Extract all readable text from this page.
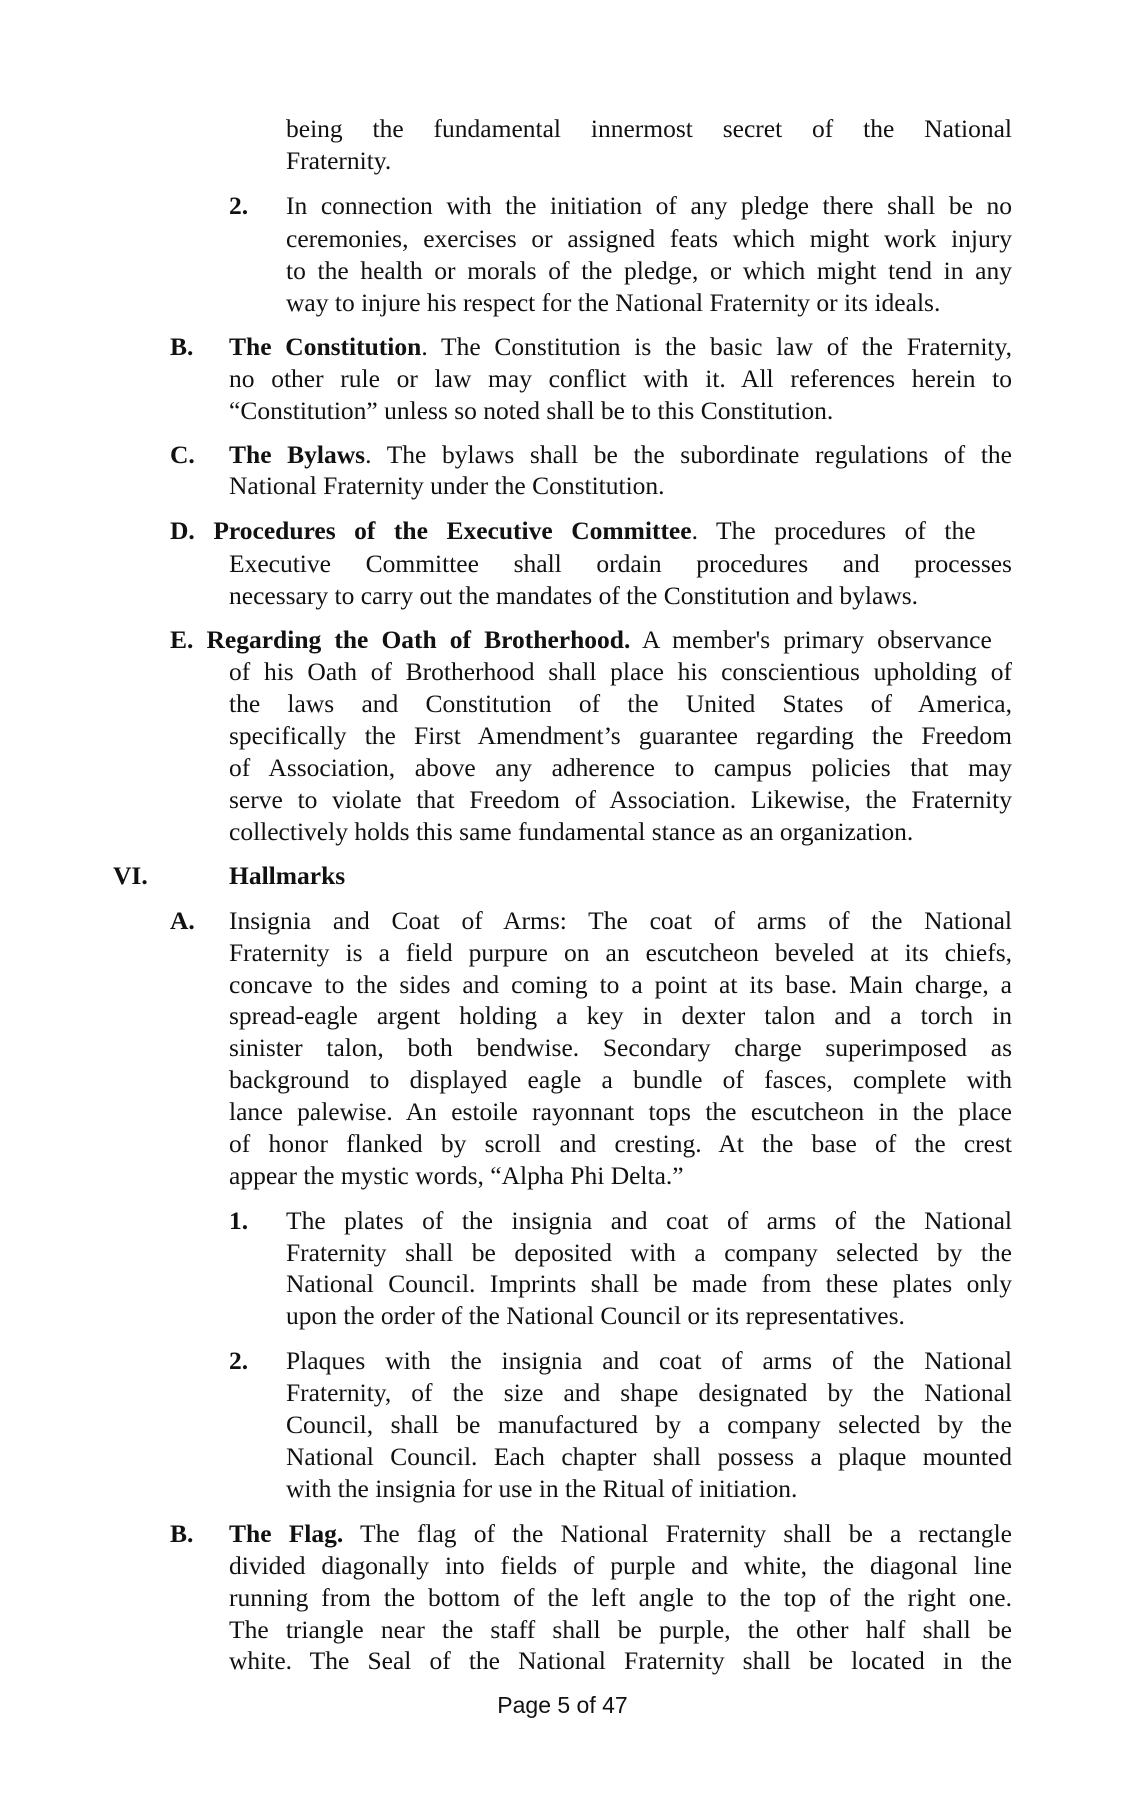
being the fundamental innermost secret of the National
Fraternity.
2. In connection with the initiation of any pledge there shall be no
ceremonies, exercises or assigned feats which might work injury
to the health or morals of the pledge, or which might tend in any
way to injure his respect for the National Fraternity or its ideals.
B. The Constitution. The Constitution is the basic law of the Fraternity,
no other rule or law may conflict with it. All references herein to
“Constitution” unless so noted shall be to this Constitution.
C. The Bylaws. The bylaws shall be the subordinate regulations of the
National Fraternity under the Constitution.
D. Procedures of the Executive Committee. The procedures of the
Executive Committee shall ordain procedures and processes
necessary to carry out the mandates of the Constitution and bylaws.
E. Regarding the Oath of Brotherhood. A member's primary observance
of his Oath of Brotherhood shall place his conscientious upholding of
the laws and Constitution of the United States of America,
specifically the First Amendment’s guarantee regarding the Freedom
of Association, above any adherence to campus policies that may
serve to violate that Freedom of Association. Likewise, the Fraternity
collectively holds this same fundamental stance as an organization.
VI.	Hallmarks
A. Insignia and Coat of Arms: The coat of arms of the National
Fraternity is a field purpure on an escutcheon beveled at its chiefs,
concave to the sides and coming to a point at its base. Main charge, a
spread-eagle argent holding a key in dexter talon and a torch in
sinister talon, both bendwise. Secondary charge superimposed as
background to displayed eagle a bundle of fasces, complete with
lance palewise. An estoile rayonnant tops the escutcheon in the place
of honor flanked by scroll and cresting. At the base of the crest
appear the mystic words, “Alpha Phi Delta.”
1. The plates of the insignia and coat of arms of the National
Fraternity shall be deposited with a company selected by the
National Council. Imprints shall be made from these plates only
upon the order of the National Council or its representatives.
2. Plaques with the insignia and coat of arms of the National
Fraternity, of the size and shape designated by the National
Council, shall be manufactured by a company selected by the
National Council. Each chapter shall possess a plaque mounted
with the insignia for use in the Ritual of initiation.
B. The Flag. The flag of the National Fraternity shall be a rectangle
divided diagonally into fields of purple and white, the diagonal line
running from the bottom of the left angle to the top of the right one.
The triangle near the staff shall be purple, the other half shall be
white. The Seal of the National Fraternity shall be located in the
Page 5 of 47
